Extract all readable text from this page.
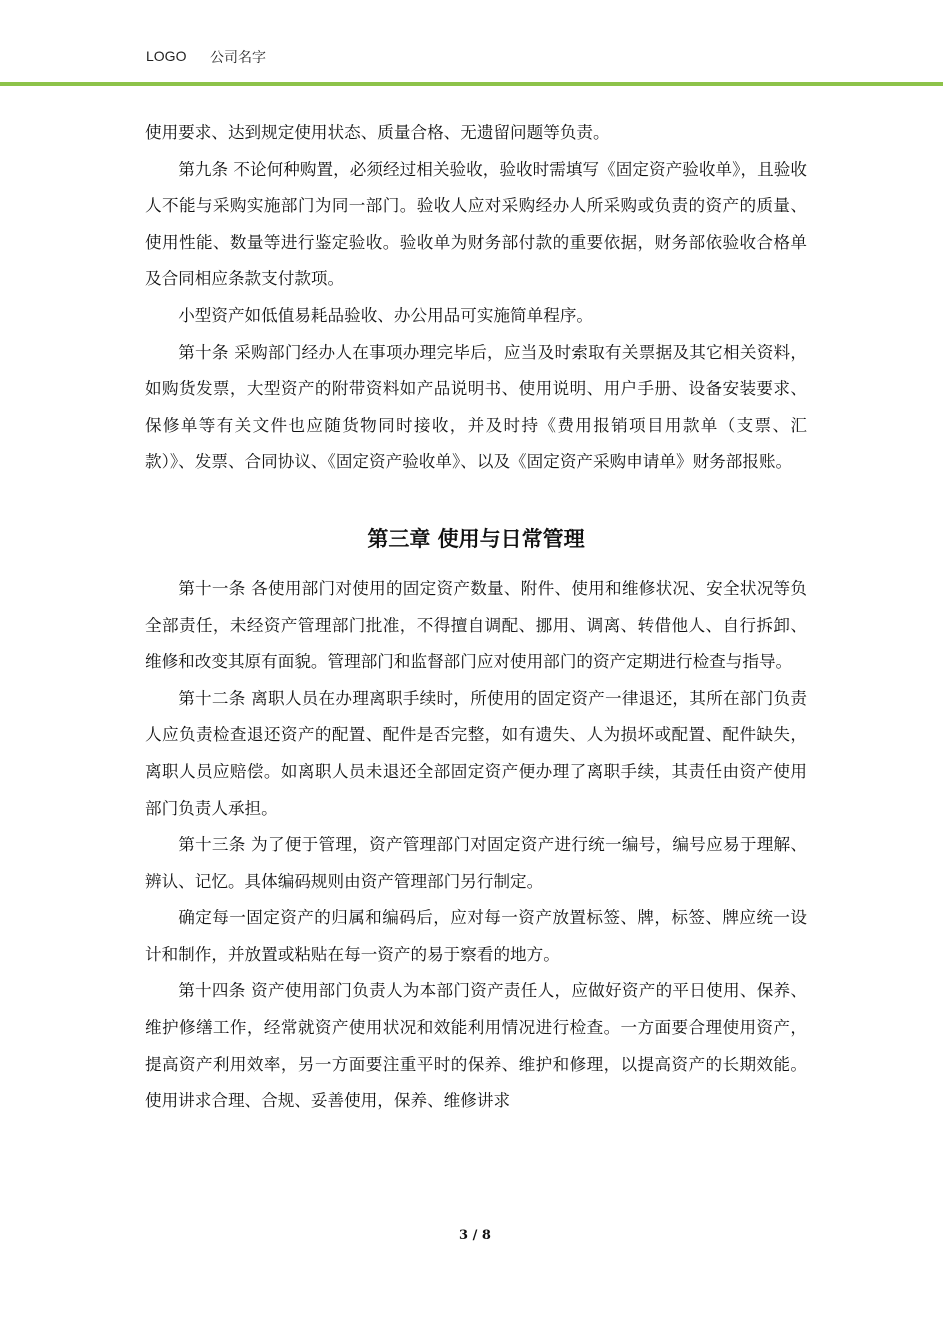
LOGO 公司名字

使用要求、达到规定使用状态、质量合格、无遗留问题等负责。

第九条 不论何种购置，必须经过相关验收，验收时需填写《固定资产验收单》，且验收人不能与采购实施部门为同一部门。验收人应对采购经办人所采购或负责的资产的质量、使用性能、数量等进行鉴定验收。验收单为财务部付款的重要依据，财务部依验收合格单及合同相应条款支付款项。

小型资产如低值易耗品验收、办公用品可实施简单程序。

第十条 采购部门经办人在事项办理完毕后，应当及时索取有关票据及其它相关资料，如购货发票，大型资产的附带资料如产品说明书、使用说明、用户手册、设备安装要求、保修单等有关文件也应随货物同时接收，并及时持《费用报销项目用款单（支票、汇款）》、发票、合同协议、《固定资产验收单》、以及《固定资产采购申请单》财务部报账。

第三章 使用与日常管理

第十一条 各使用部门对使用的固定资产数量、附件、使用和维修状况、安全状况等负全部责任，未经资产管理部门批准，不得擅自调配、挪用、调离、转借他人、自行拆卸、维修和改变其原有面貌。管理部门和监督部门应对使用部门的资产定期进行检查与指导。

第十二条 离职人员在办理离职手续时，所使用的固定资产一律退还，其所在部门负责人应负责检查退还资产的配置、配件是否完整，如有遗失、人为损坏或配置、配件缺失，离职人员应赔偿。如离职人员未退还全部固定资产便办理了离职手续，其责任由资产使用部门负责人承担。

第十三条 为了便于管理，资产管理部门对固定资产进行统一编号，编号应易于理解、辨认、记忆。具体编码规则由资产管理部门另行制定。

确定每一固定资产的归属和编码后，应对每一资产放置标签、牌，标签、牌应统一设计和制作，并放置或粘贴在每一资产的易于察看的地方。

第十四条 资产使用部门负责人为本部门资产责任人，应做好资产的平日使用、保养、维护修缮工作，经常就资产使用状况和效能利用情况进行检查。一方面要合理使用资产，提高资产利用效率，另一方面要注重平时的保养、维护和修理，以提高资产的长期效能。使用讲求合理、合规、妥善使用，保养、维修讲求

3 / 8
